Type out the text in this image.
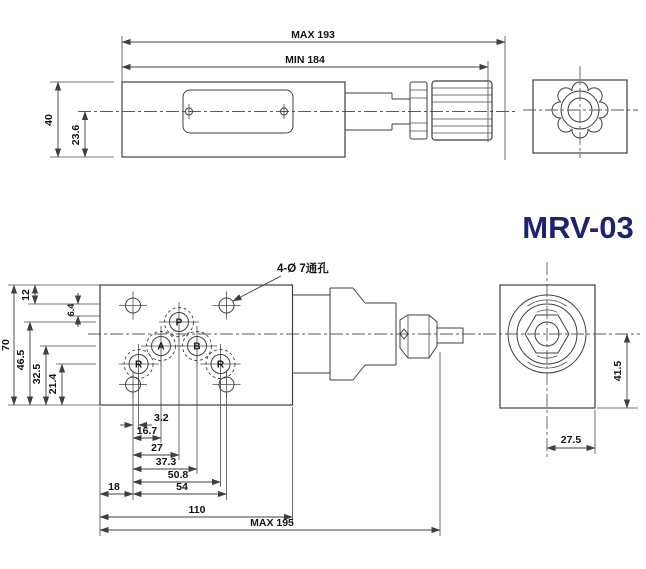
MAX 193
MIN 184
40
23.6
MRV-03
P
A	B
R	R
4-Ø 7通孔
70
12
6.4
46.5
32.5 21.4
3.2
16.7
27
37.3
50.8
18	54
110
MAX 195
41.5
27.5
